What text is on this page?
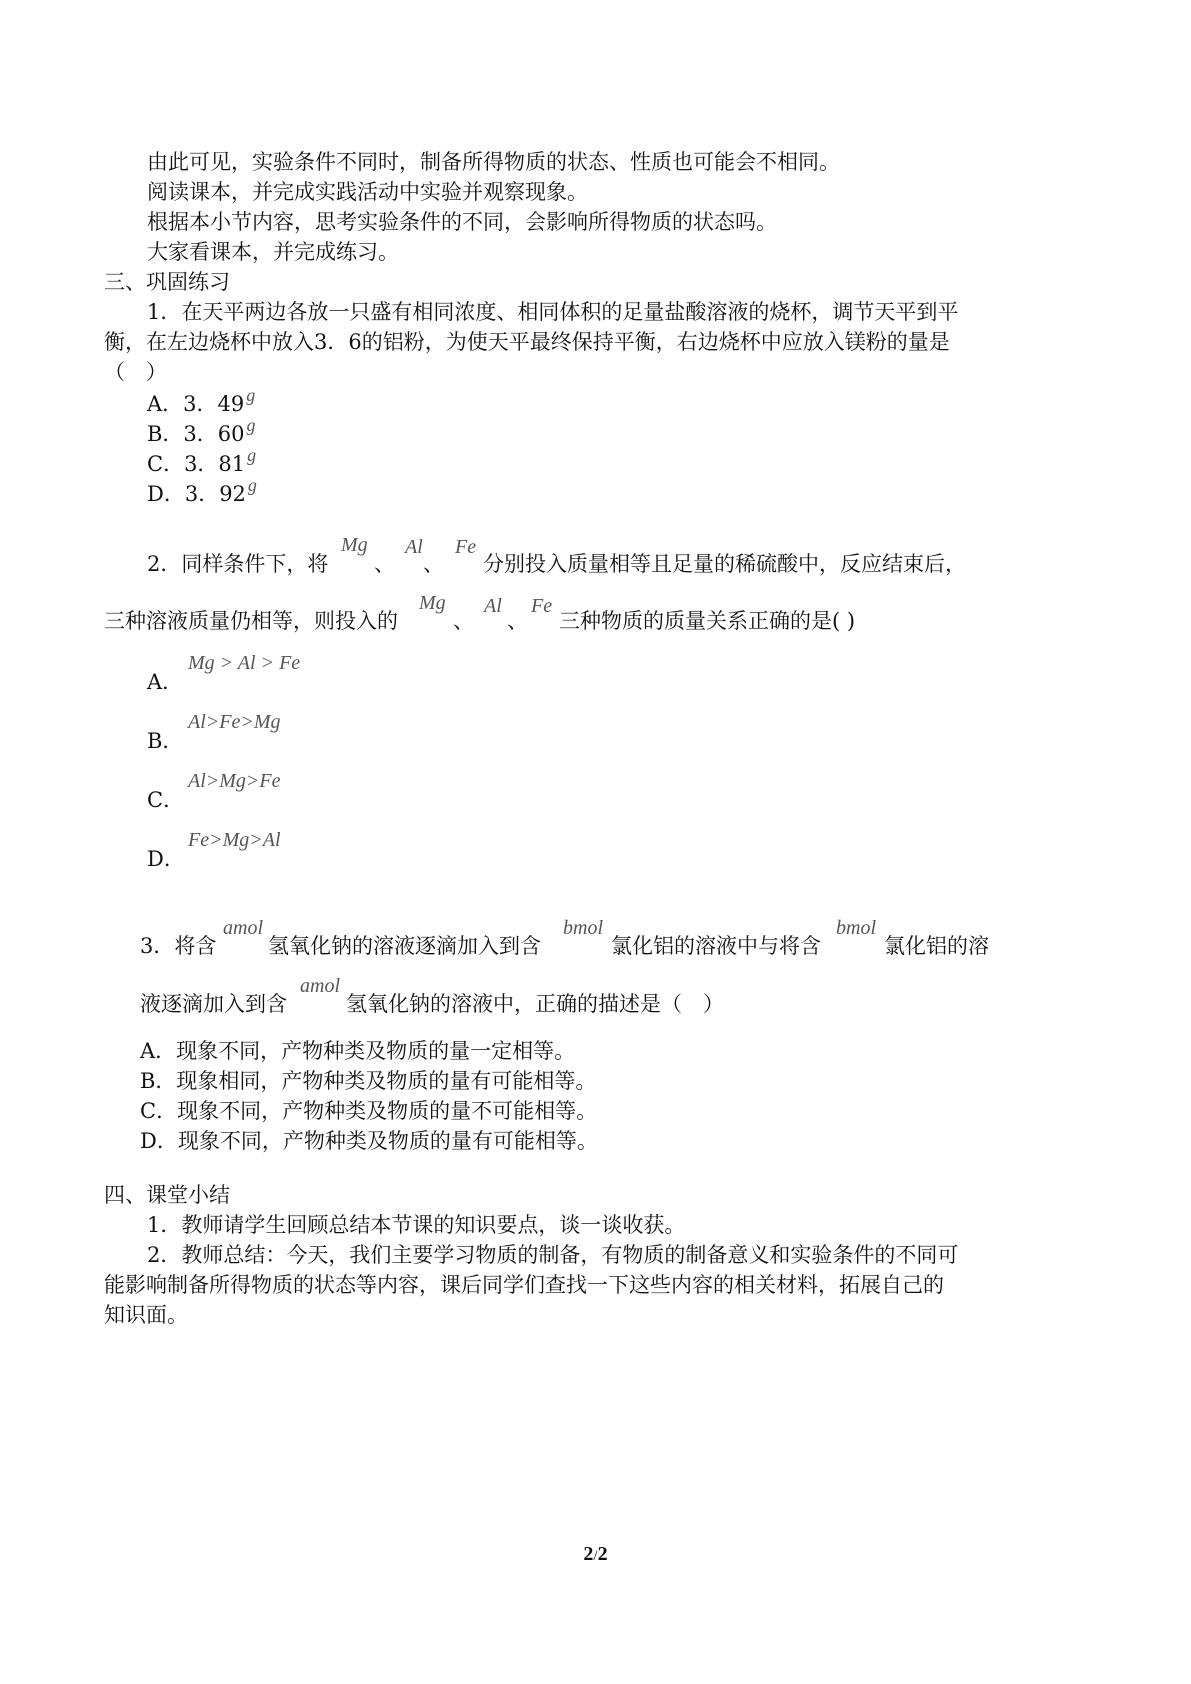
由此可见，实验条件不同时，制备所得物质的状态、性质也可能会不相同。
阅读课本，并完成实践活动中实验并观察现象。
根据本小节内容，思考实验条件的不同，会影响所得物质的状态吗。
大家看课本，并完成练习。
三、巩固练习
1．在天平两边各放一只盛有相同浓度、相同体积的足量盐酸溶液的烧杯，调节天平到平
衡，在左边烧杯中放入3．6的铝粉，为使天平最终保持平衡，右边烧杯中应放入镁粉的量是
（　）
A．3．49 g
B．3．60 g
C．3．81 g
D．3．92 g
2．同样条件下，将
Mg
、
Al
、
Fe
分别投入质量相等且足量的稀硫酸中，反应结束后，
三种溶液质量仍相等，则投入的
Mg
、
Al
、
Fe
三种物质的质量关系正确的是( )
Mg > Al > Fe
A．
Al>Fe>Mg
B．
Al>Mg>Fe
C．
Fe>Mg>Al
D．
3．将含
amol
氢氧化钠的溶液逐滴加入到含
bmol
氯化铝的溶液中与将含
bmol
氯化铝的溶
液逐滴加入到含
amol
氢氧化钠的溶液中，正确的描述是（　）
A．现象不同，产物种类及物质的量一定相等。
B．现象相同，产物种类及物质的量有可能相等。
C．现象不同，产物种类及物质的量不可能相等。
D．现象不同，产物种类及物质的量有可能相等。
四、课堂小结
1．教师请学生回顾总结本节课的知识要点，谈一谈收获。
2．教师总结：今天，我们主要学习物质的制备，有物质的制备意义和实验条件的不同可
能影响制备所得物质的状态等内容，课后同学们查找一下这些内容的相关材料，拓展自己的
知识面。
2/2
